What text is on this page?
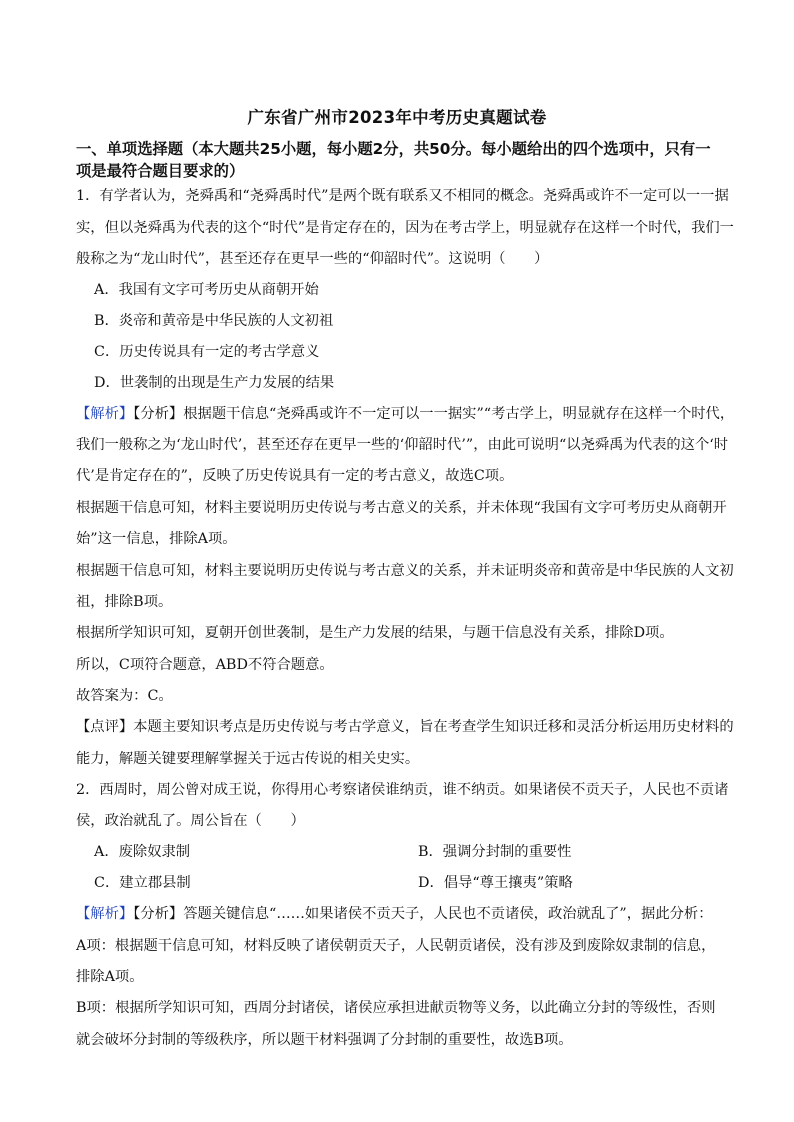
广东省广州市2023年中考历史真题试卷
一、单项选择题（本大题共25小题，每小题2分，共50分。每小题给出的四个选项中，只有一
项是最符合题目要求的）
1．有学者认为，尧舜禹和“尧舜禹时代”是两个既有联系又不相同的概念。尧舜禹或许不一定可以一一据
实，但以尧舜禹为代表的这个“时代”是肯定存在的，因为在考古学上，明显就存在这样一个时代，我们一
般称之为“龙山时代”，甚至还存在更早一些的“仰韶时代”。这说明（　　）
A．我国有文字可考历史从商朝开始
B．炎帝和黄帝是中华民族的人文初祖
C．历史传说具有一定的考古学意义
D．世袭制的出现是生产力发展的结果
【解析】【分析】根据题干信息“尧舜禹或许不一定可以一一据实”“考古学上，明显就存在这样一个时代，
我们一般称之为‘龙山时代’，甚至还存在更早一些的‘仰韶时代’”，由此可说明“以尧舜禹为代表的这个‘时
代’是肯定存在的”，反映了历史传说具有一定的考古意义，故选C项。
根据题干信息可知，材料主要说明历史传说与考古意义的关系，并未体现“我国有文字可考历史从商朝开
始”这一信息，排除A项。
根据题干信息可知，材料主要说明历史传说与考古意义的关系，并未证明炎帝和黄帝是中华民族的人文初
祖，排除B项。
根据所学知识可知，夏朝开创世袭制，是生产力发展的结果，与题干信息没有关系，排除D项。
所以，C项符合题意，ABD不符合题意。
故答案为：C。
【点评】本题主要知识考点是历史传说与考古学意义，旨在考查学生知识迁移和灵活分析运用历史材料的
能力，解题关键要理解掌握关于远古传说的相关史实。
2．西周时，周公曾对成王说，你得用心考察诸侯谁纳贡，谁不纳贡。如果诸侯不贡天子，人民也不贡诸
侯，政治就乱了。周公旨在（　　）
A．废除奴隶制	B．强调分封制的重要性
C．建立郡县制	D．倡导“尊王攘夷”策略
【解析】【分析】答题关键信息“……如果诸侯不贡天子，人民也不贡诸侯，政治就乱了”，据此分析：
A项：根据题干信息可知，材料反映了诸侯朝贡天子，人民朝贡诸侯，没有涉及到废除奴隶制的信息，
排除A项。
B项：根据所学知识可知，西周分封诸侯，诸侯应承担进献贡物等义务，以此确立分封的等级性，否则
就会破坏分封制的等级秩序，所以题干材料强调了分封制的重要性，故选B项。
